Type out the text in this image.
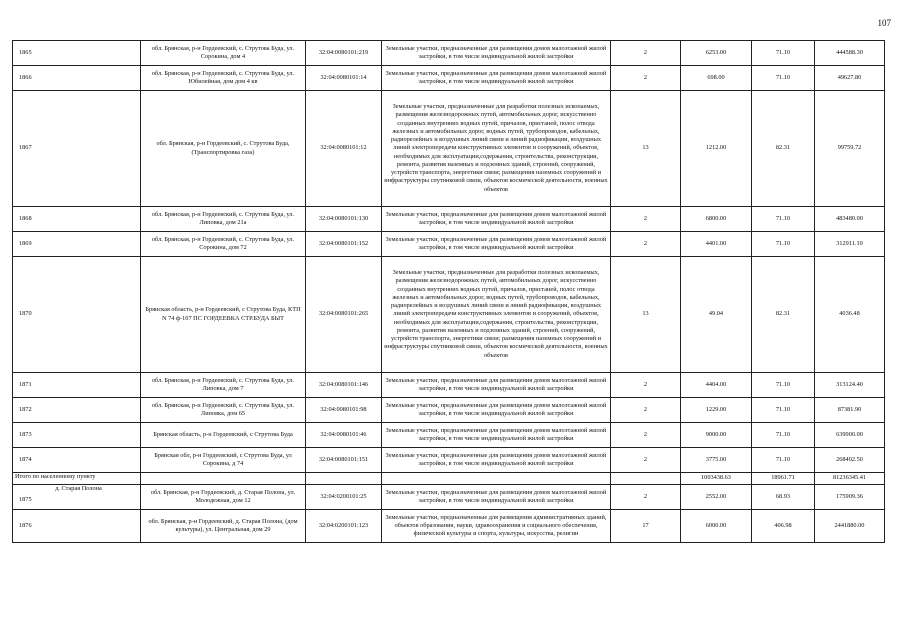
107
1865	обл. Брянская, р-н Гордеевский, с. Струтова Буда, ул. Сорокина, дом 4	32:04:0080101:219	Земельные участки, предназначенные для размещения домов малоэтажной жилой застройки, в том числе индивидуальной жилой застройки	2	6253.00	71.10	444588.30
1866	обл. Брянская, р-н Гордеевский, с. Струтова Буда, ул. Юбилейная, дом дом 4 кв	32:04:0080101:14	Земельные участки, предназначенные для размещения домов малоэтажной жилой застройки, в том числе индивидуальной жилой застройки	2	698.00	71.10	49627.80
1867	обл. Брянская, р-н Гордеевский, с. Струтова Буда, (Транспортировка газа)	32:04:0080101:12	Земельные участки, предназначенные для разработки полезных ископаемых, размещения железнодорожных путей, автомобильных дорог, искусственно созданных внутренних водных путей, причалов, пристаней, полос отвода железных и автомобильных дорог, водных путей, трубопроводов, кабельных, радиорелейных и воздушных линий связи и линий радиофикации, воздушных линий электропередачи конструктивных элементов и сооружений, объектов, необходимых для эксплуатации,содержания, строительства, реконструкции, ремонта, развития наземных и подземных зданий, строений, сооружений, устройств транспорта, энергетики связи; размещения наземных сооружений и инфраструктуры спутниковой связи, объектов космической деятельности, военных объектов	13	1212.00	82.31	99759.72
1868	обл. Брянская, р-н Гордеевский, с. Струтова Буда, ул. Липовка, дом 21а	32:04:0080101:130	Земельные участки, предназначенные для размещения домов малоэтажной жилой застройки, в том числе индивидуальной жилой застройки	2	6800.00	71.10	483480.00
1869	обл. Брянская, р-н Гордеевский, с. Струтова Буда, ул. Сорокина, дом 72	32:04:0080101:152	Земельные участки, предназначенные для размещения домов малоэтажной жилой застройки, в том числе индивидуальной жилой застройки	2	4401.00	71.10	312911.10
1870	Брянская область, р-н Гордеевский, с Струтова Буда, КТП N 74 ф-107 ПС ГОРДЕЕВКА СТР.БУДА БЫТ	32:04:0080101:265	Земельные участки, предназначенные для разработки полезных ископаемых, размещения железнодорожных путей, автомобильных дорог, искусственно созданных внутренних водных путей, причалов, пристаней, полос отвода железных и автомобильных дорог, водных путей, трубопроводов, кабельных, радиорелейных и воздушных линий связи и линий радиофикации, воздушных линий электропередачи конструктивных элементов и сооружений, объектов, необходимых для эксплуатации,содержания, строительства, реконструкции, ремонта, развития наземных и подземных зданий, строений, сооружений, устройств транспорта, энергетики связи; размещения наземных сооружений и инфраструктуры спутниковой связи, объектов космической деятельности, военных объектов	13	49.04	82.31	4036.48
1871	обл. Брянская, р-н Гордеевский, с. Струтова Буда, ул. Липовка, дом 7	32:04:0080101:146	Земельные участки, предназначенные для размещения домов малоэтажной жилой застройки, в том числе индивидуальной жилой застройки	2	4404.00	71.10	313124.40
1872	обл. Брянская, р-н Гордеевский, с. Струтова Буда, ул. Липовка, дом 65	32:04:0080101:98	Земельные участки, предназначенные для размещения домов малоэтажной жилой застройки, в том числе индивидуальной жилой застройки	2	1229.00	71.10	87381.90
1873	Брянская область, р-н Гордеевский, с Струтова Буда	32:04:0080101:46	Земельные участки, предназначенные для размещения домов малоэтажной жилой застройки, в том числе индивидуальной жилой застройки	2	9000.00	71.10	639900.00
1874	Брянская обл, р-н Гордеевский, с Струтова Буда, ул Сорокина, д 74	32:04:0080101:151	Земельные участки, предназначенные для размещения домов малоэтажной жилой застройки, в том числе индивидуальной жилой застройки	2	3775.00	71.10	268402.50
Итого по населенному пункту					1003438.63	18961.71	81236345.41

д. Старая Полона
1875	обл. Брянская, р-н Гордеевский, д. Старая Полона, ул. Молодежная, дом 12	32:04:0200101:25	Земельные участки, предназначенные для размещения домов малоэтажной жилой застройки, в том числе индивидуальной жилой застройки	2	2552.00	68.93	175909.36
1876	обл. Брянская, р-н Гордеевский, д. Старая Полона, (дом культуры), ул. Центральная, дом 29	32:04:0200101:123	Земельные участки, предназначенные для размещения административных зданий, объектов образования, науки, здравоохранения и социального обеспечения, физической культуры и спорта, культуры, искусства, религии	17	6000.00	406.98	2441880.00
